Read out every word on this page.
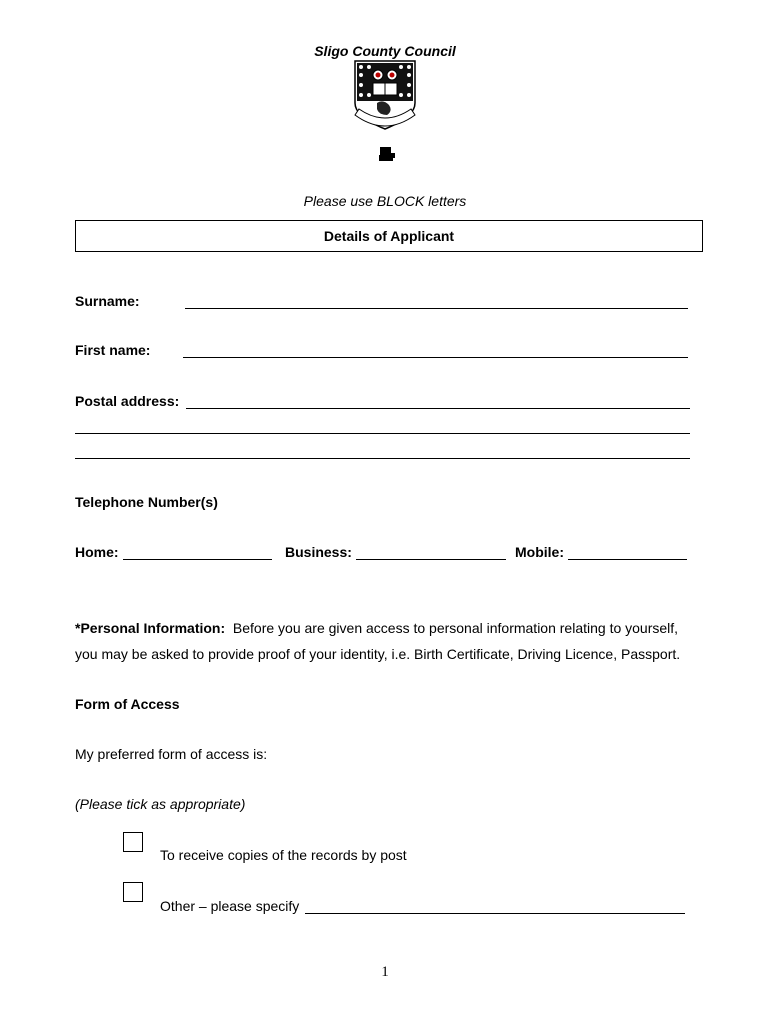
Sligo County Council
Please use BLOCK letters
Details of Applicant
Surname:
First name:
Postal address:
Telephone Number(s)
Home:	Business:	Mobile:
*Personal Information: Before you are given access to personal information relating to yourself,
you may be asked to provide proof of your identity, i.e. Birth Certificate, Driving Licence, Passport.
Form of Access
My preferred form of access is:
(Please tick as appropriate)
To receive copies of the records by post
Other – please specify
1
